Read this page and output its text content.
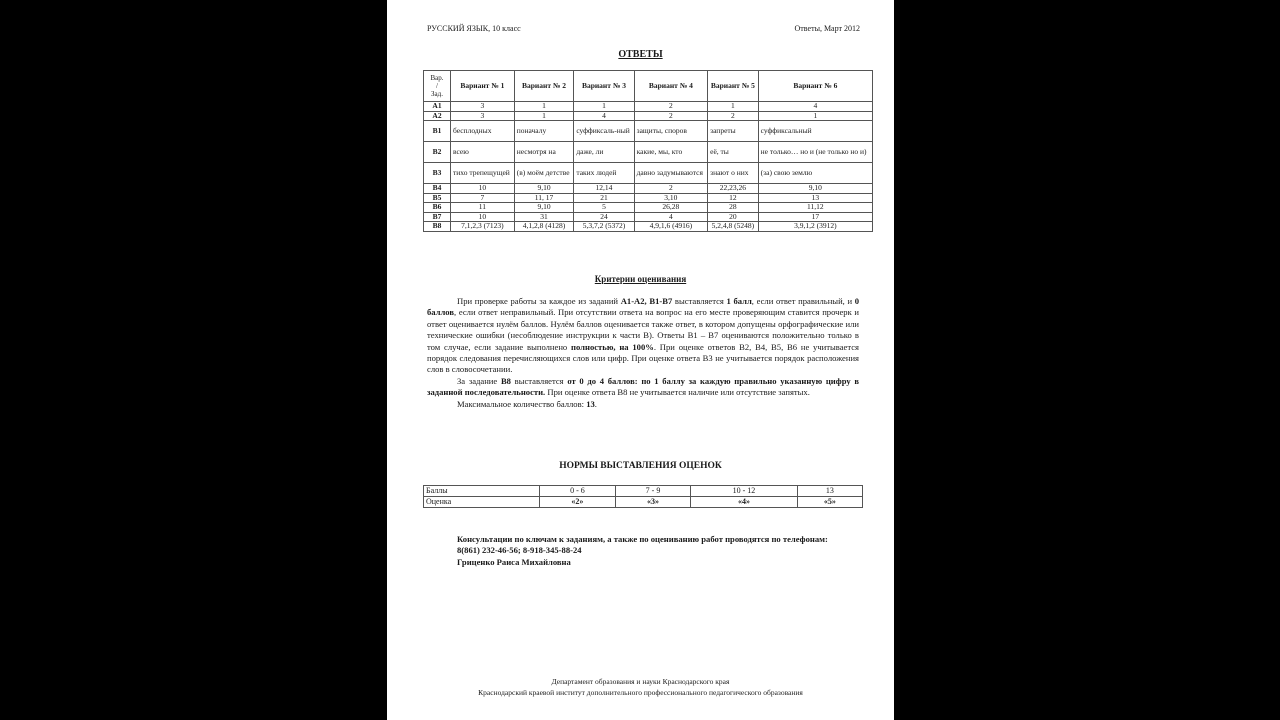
РУССКИЙ ЯЗЫК, 10 класс	Ответы, Март 2012
ОТВЕТЫ
Вар.
/
Зад.	Вариант № 1	Вариант № 2	Вариант № 3	Вариант № 4	Вариант № 5	Вариант № 6
А1	3	1	1	2	1	4
А2	3	1	4	2	2	1
В1	бесплодных	поначалу	суффиксаль-ный	защиты, споров	запреты	суффиксальный
В2	всею	несмотря на	даже, ли	какие, мы, кто	её, ты	не только… но и (не только но и)
В3	тихо трепещущей	(в) моём детстве	таких людей	давно задумываются	знают о них	(за) свою землю
В4	10	9,10	12,14	2	22,23,26	9,10
В5	7	11, 17	21	3,10	12	13
В6	11	9,10	5	26,28	28	11,12
В7	10	31	24	4	20	17
В8	7,1,2,3 (7123)	4,1,2,8 (4128)	5,3,7,2 (5372)	4,9,1,6 (4916)	5,2,4,8 (5248)	3,9,1,2 (3912)
Критерии оценивания

При проверке работы за каждое из заданий А1-А2, В1-В7 выставляется 1 балл, если ответ правильный, и 0 баллов, если ответ неправильный. При отсутствии ответа на вопрос на его месте проверяющим ставится прочерк и ответ оценивается нулём баллов. Нулём баллов оценивается также ответ, в котором допущены орфографические или технические ошибки (несоблюдение инструкции к части В). Ответы В1 – В7 оцениваются положительно только в том случае, если задание выполнено полностью, на 100%. При оценке ответов В2, В4, В5, В6 не учитывается порядок следования перечисляющихся слов или цифр. При оценке ответа В3 не учитывается порядок расположения слов в словосочетании.

За задание В8 выставляется от 0 до 4 баллов: по 1 баллу за каждую правильно указанную цифру в заданной последовательности. При оценке ответа В8 не учитывается наличие или отсутствие запятых.

Максимальное количество баллов: 13.

НОРМЫ ВЫСТАВЛЕНИЯ ОЦЕНОК
Баллы	0 - 6	7 - 9	10 - 12	13
Оценка	«2»	«3»	«4»	«5»

Консультации по ключам к заданиям, а также по оцениванию работ проводятся по телефонам:

8(861) 232-46-56; 8-918-345-88-24
Гриценко Раиса Михайловна
Департамент образования и науки Краснодарского края
Краснодарский краевой институт дополнительного профессионального педагогического образования
